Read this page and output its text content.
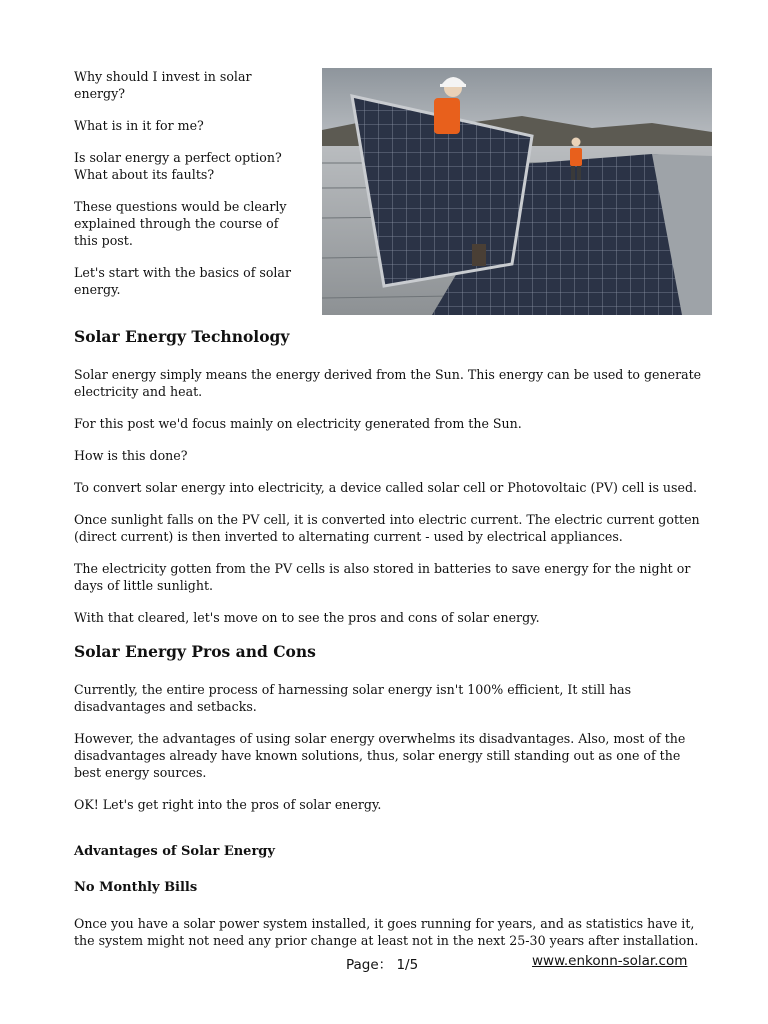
Why should I invest in solar energy?

What is in it for me?

Is solar energy a perfect option? What about its faults?

These questions would be clearly explained through the course of this post.

Let's start with the basics of solar energy.

Solar Energy Technology

Solar energy simply means the energy derived from the Sun. This energy can be used to generate electricity and heat.

For this post we'd focus mainly on electricity generated from the Sun.

How is this done?

To convert solar energy into electricity, a device called solar cell or Photovoltaic (PV) cell is used.

Once sunlight falls on the PV cell, it is converted into electric current. The electric current gotten (direct current) is then inverted to alternating current - used by electrical appliances.

The electricity gotten from the PV cells is also stored in batteries to save energy for the night or days of little sunlight.

With that cleared, let's move on to see the pros and cons of solar energy.

Solar Energy Pros and Cons

Currently, the entire process of harnessing solar energy isn't 100% efficient, It still has disadvantages and setbacks.

However, the advantages of using solar energy overwhelms its disadvantages. Also, most of the disadvantages already have known solutions, thus, solar energy still standing out as one of the best energy sources.

OK! Let's get right into the pros of solar energy.

Advantages of Solar Energy
No Monthly Bills

Once you have a solar power system installed, it goes running for years, and as statistics have it, the system might not need any prior change at least not in the next 25-30 years after installation.

Page： 1/5	www.enkonn-solar.com
